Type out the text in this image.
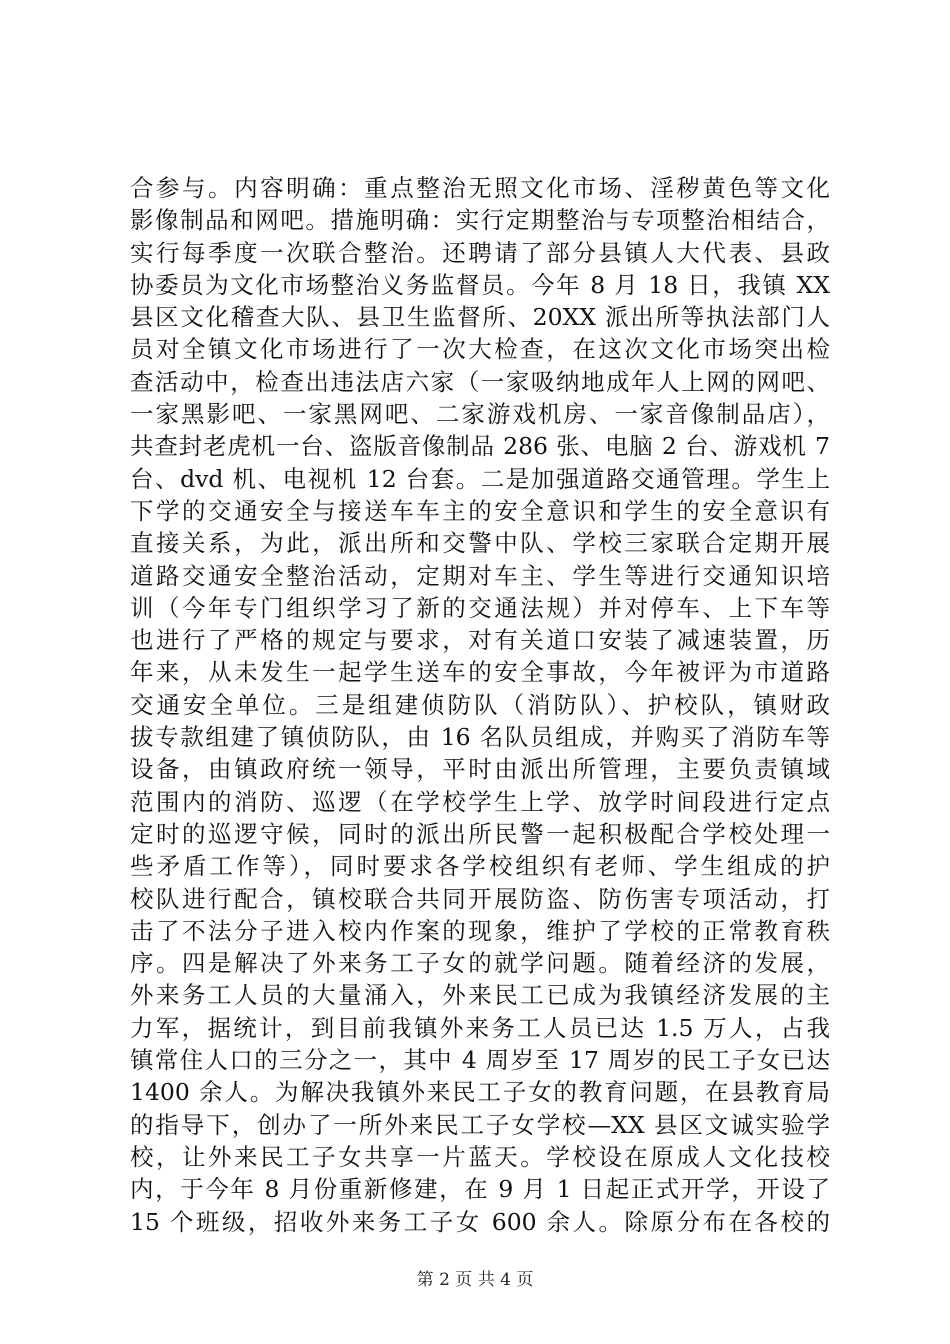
合参与。内容明确：重点整治无照文化市场、淫秽黄色等文化
影像制品和网吧。措施明确：实行定期整治与专项整治相结合，
实行每季度一次联合整治。还聘请了部分县镇人大代表、县政
协委员为文化市场整治义务监督员。今年 8 月 18 日，我镇 XX
县区文化稽查大队、县卫生监督所、20XX 派出所等执法部门人
员对全镇文化市场进行了一次大检查，在这次文化市场突出检
查活动中，检查出违法店六家（一家吸纳地成年人上网的网吧、
一家黑影吧、一家黑网吧、二家游戏机房、一家音像制品店），
共查封老虎机一台、盗版音像制品 286 张、电脑 2 台、游戏机 7
台、dvd 机、电视机 12 台套。二是加强道路交通管理。学生上
下学的交通安全与接送车车主的安全意识和学生的安全意识有
直接关系，为此，派出所和交警中队、学校三家联合定期开展
道路交通安全整治活动，定期对车主、学生等进行交通知识培
训（今年专门组织学习了新的交通法规）并对停车、上下车等
也进行了严格的规定与要求，对有关道口安装了减速装置，历
年来，从未发生一起学生送车的安全事故，今年被评为市道路
交通安全单位。三是组建侦防队（消防队）、护校队，镇财政
拔专款组建了镇侦防队，由 16 名队员组成，并购买了消防车等
设备，由镇政府统一领导，平时由派出所管理，主要负责镇域
范围内的消防、巡逻（在学校学生上学、放学时间段进行定点
定时的巡逻守候，同时的派出所民警一起积极配合学校处理一
些矛盾工作等），同时要求各学校组织有老师、学生组成的护
校队进行配合，镇校联合共同开展防盗、防伤害专项活动，打
击了不法分子进入校内作案的现象，维护了学校的正常教育秩
序。四是解决了外来务工子女的就学问题。随着经济的发展，
外来务工人员的大量涌入，外来民工已成为我镇经济发展的主
力军，据统计，到目前我镇外来务工人员已达 1.5 万人，占我
镇常住人口的三分之一，其中 4 周岁至 17 周岁的民工子女已达
1400 余人。为解决我镇外来民工子女的教育问题，在县教育局
的指导下，创办了一所外来民工子女学校—XX 县区文诚实验学
校，让外来民工子女共享一片蓝天。学校设在原成人文化技校
内，于今年 8 月份重新修建，在 9 月 1 日起正式开学，开设了
15 个班级，招收外来务工子女 600 余人。除原分布在各校的
第 2 页 共 4 页
